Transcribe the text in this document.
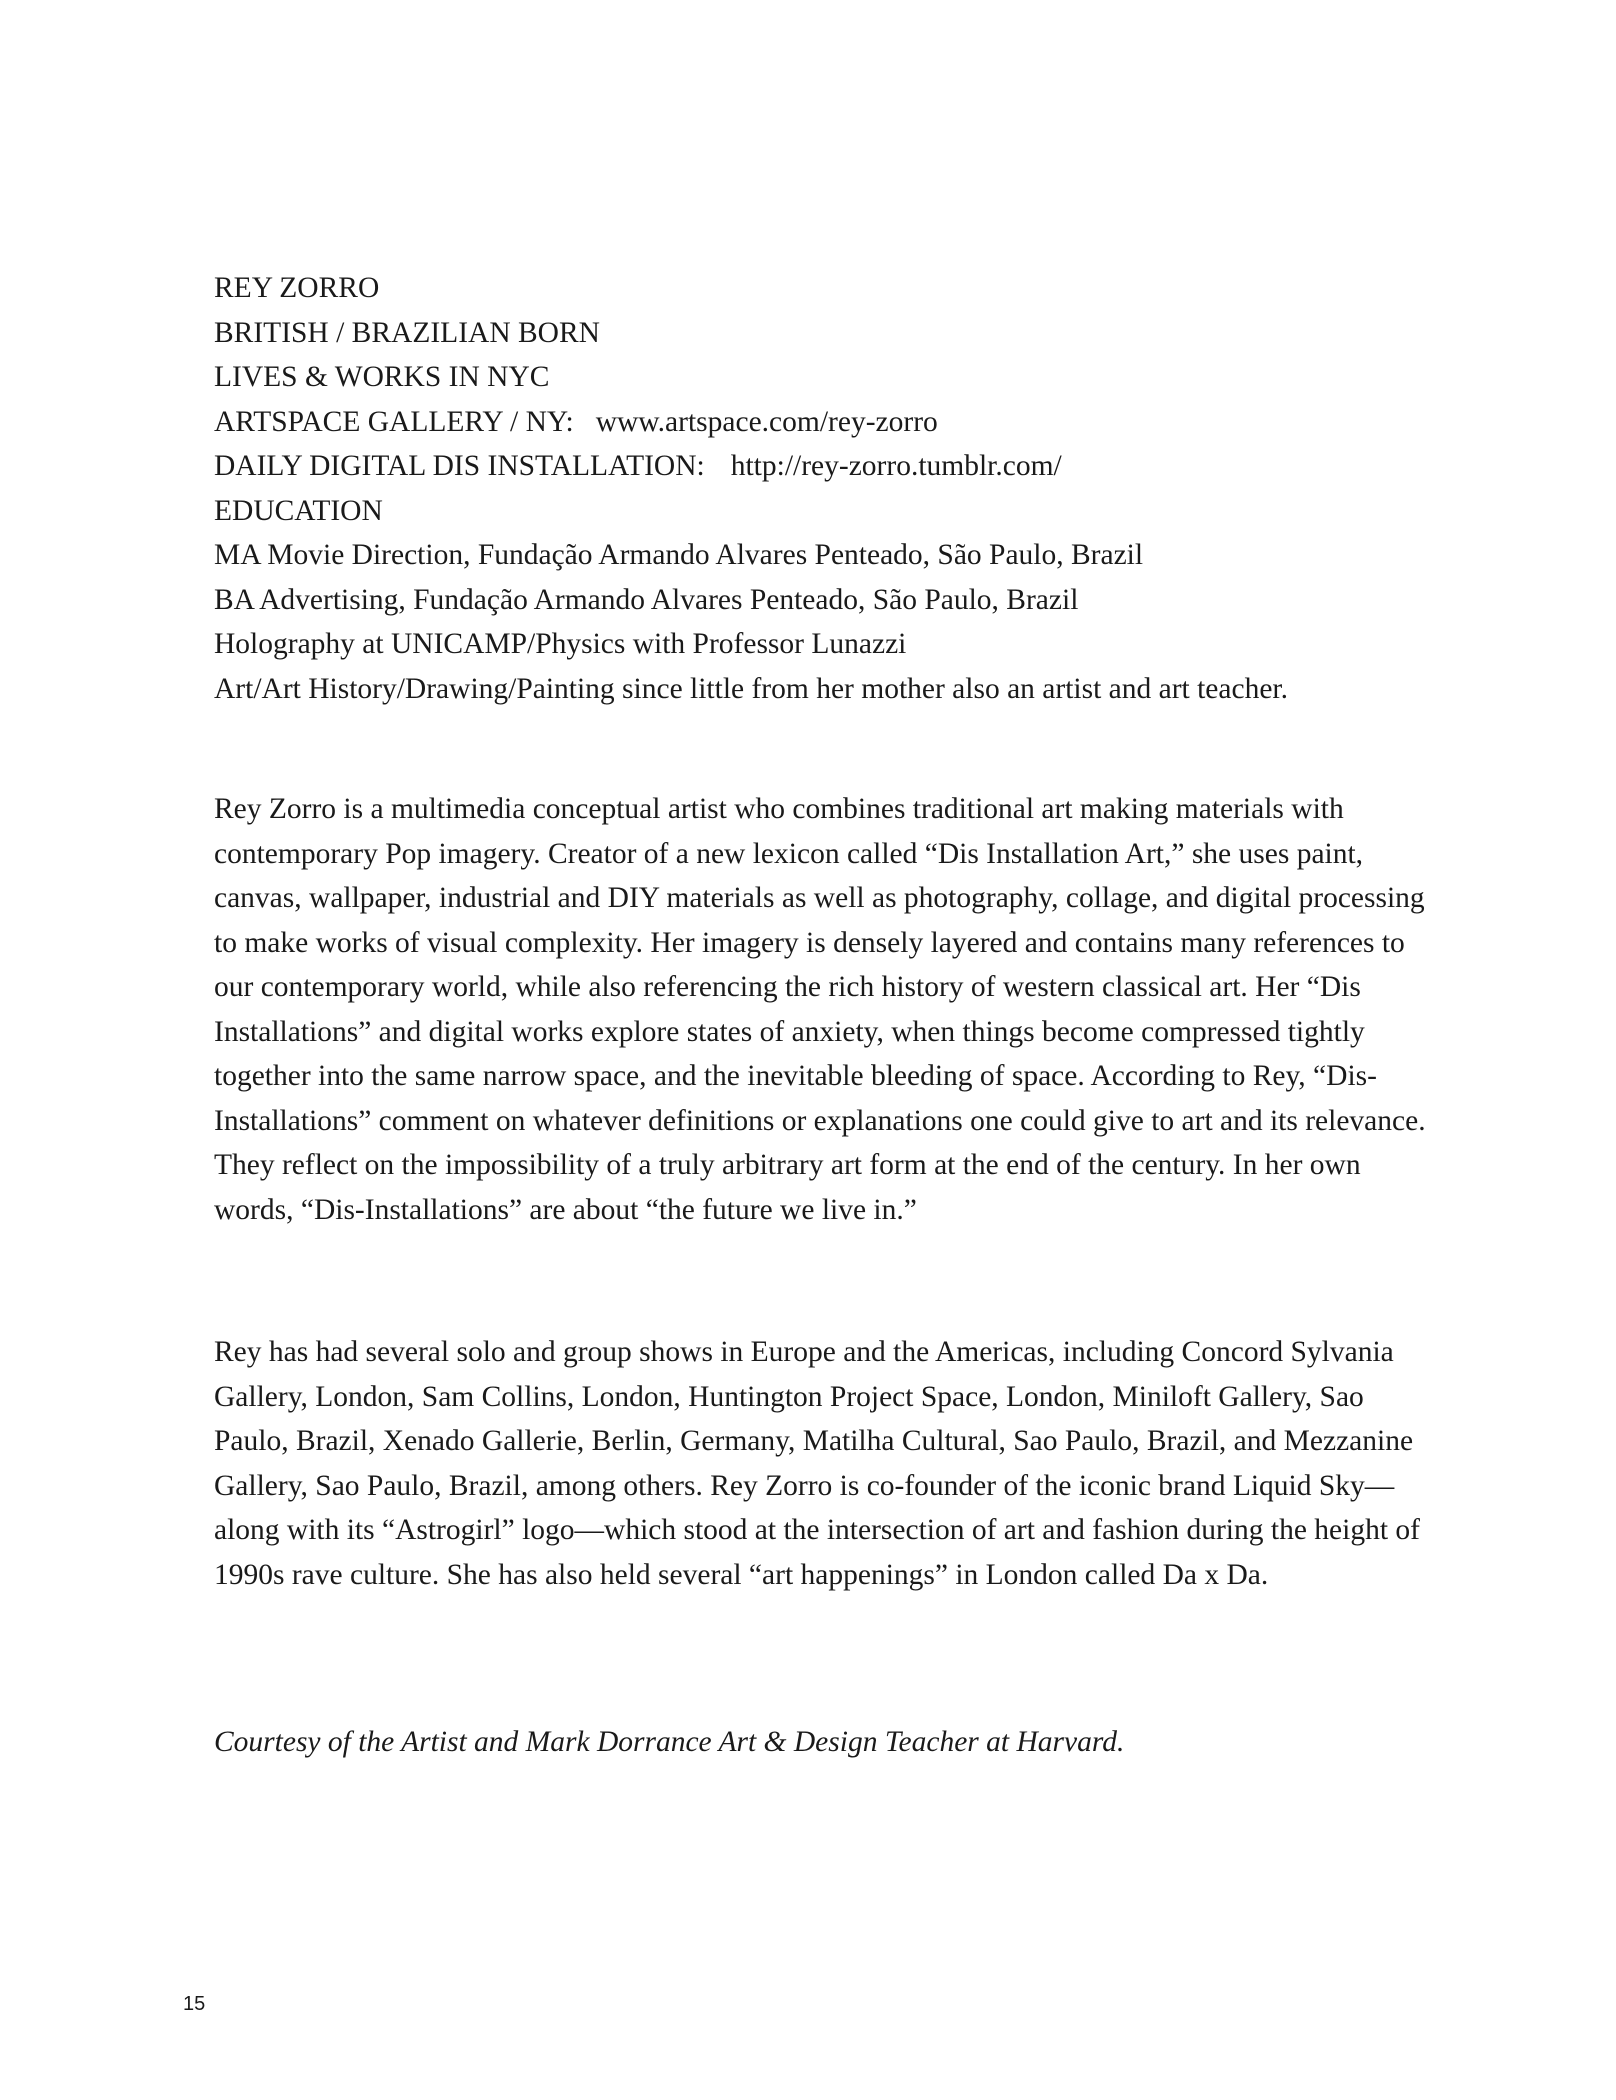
REY ZORRO
BRITISH / BRAZILIAN BORN
LIVES & WORKS IN NYC
ARTSPACE GALLERY / NY: www.artspace.com/rey-zorro
DAILY DIGITAL DIS INSTALLATION: http://rey-zorro.tumblr.com/
EDUCATION
MA Movie Direction, Fundação Armando Alvares Penteado, São Paulo, Brazil
BA Advertising, Fundação Armando Alvares Penteado, São Paulo, Brazil
Holography at UNICAMP/Physics with Professor Lunazzi
Art/Art History/Drawing/Painting since little from her mother also an artist and art teacher.

Rey Zorro is a multimedia conceptual artist who combines traditional art making materials with contemporary Pop imagery. Creator of a new lexicon called “Dis Installation Art,” she uses paint, canvas, wallpaper, industrial and DIY materials as well as photography, collage, and digital processing to make works of visual complexity. Her imagery is densely layered and contains many references to our contemporary world, while also referencing the rich history of western classical art. Her “Dis Installations” and digital works explore states of anxiety, when things become compressed tightly together into the same narrow space, and the inevitable bleeding of space. According to Rey, “Dis-Installations” comment on whatever definitions or explanations one could give to art and its relevance. They reflect on the impossibility of a truly arbitrary art form at the end of the century. In her own words, “Dis-Installations” are about “the future we live in.”

Rey has had several solo and group shows in Europe and the Americas, including Concord Sylvania Gallery, London, Sam Collins, London, Huntington Project Space, London, Miniloft Gallery, Sao Paulo, Brazil, Xenado Gallerie, Berlin, Germany, Matilha Cultural, Sao Paulo, Brazil, and Mezzanine Gallery, Sao Paulo, Brazil, among others. Rey Zorro is co-founder of the iconic brand Liquid Sky—along with its “Astrogirl” logo—which stood at the intersection of art and fashion during the height of 1990s rave culture. She has also held several “art happenings” in London called Da x Da.

Courtesy of the Artist and Mark Dorrance Art & Design Teacher at Harvard.

15
